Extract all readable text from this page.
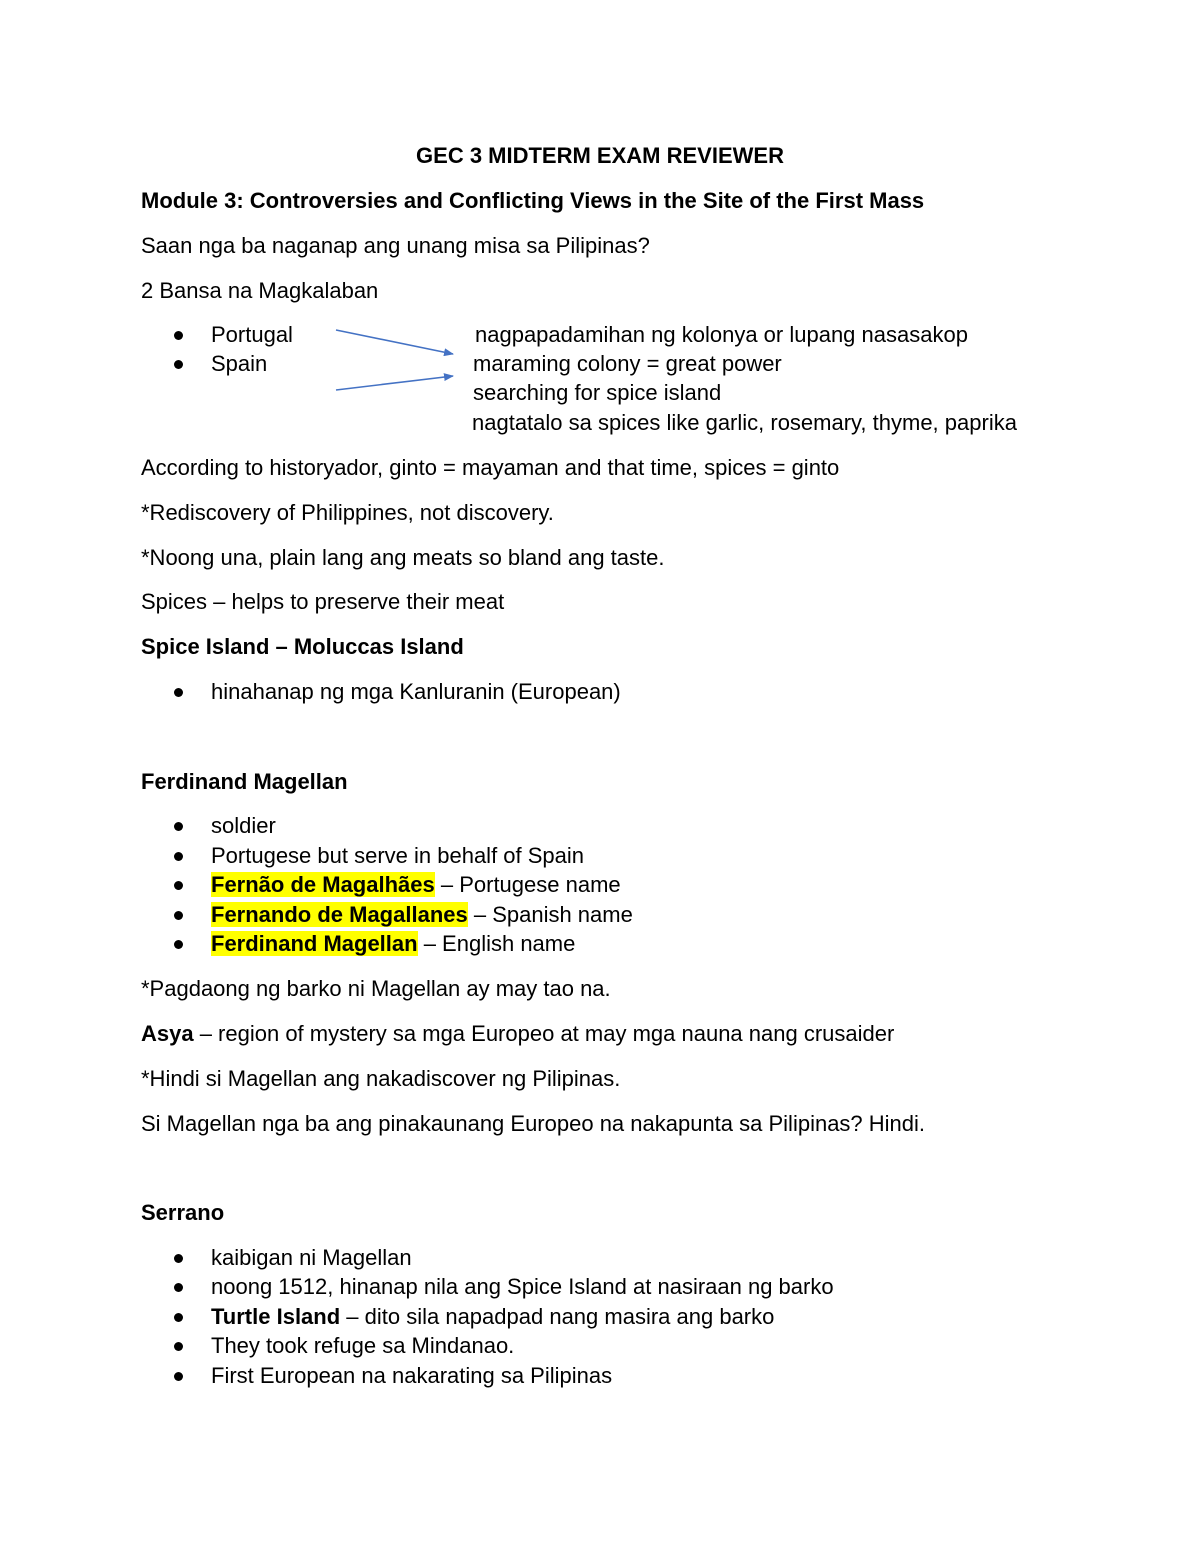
GEC 3 MIDTERM EXAM REVIEWER
Module 3: Controversies and Conflicting Views in the Site of the First Mass
Saan nga ba naganap ang unang misa sa Pilipinas?
2 Bansa na Magkalaban
Portugal
Spain
nagpapadamihan ng kolonya or lupang nasasakop
maraming colony = great power
searching for spice island
nagtatalo sa spices like garlic, rosemary, thyme, paprika
According to historyador, ginto = mayaman and that time, spices = ginto
*Rediscovery of Philippines, not discovery.
*Noong una, plain lang ang meats so bland ang taste.
Spices – helps to preserve their meat
Spice Island – Moluccas Island
hinahanap ng mga Kanluranin (European)
Ferdinand Magellan
soldier
Portugese but serve in behalf of Spain
Fernão de Magalhães – Portugese name
Fernando de Magallanes – Spanish name
Ferdinand Magellan – English name
*Pagdaong ng barko ni Magellan ay may tao na.
Asya – region of mystery sa mga Europeo at may mga nauna nang crusaider
*Hindi si Magellan ang nakadiscover ng Pilipinas.
Si Magellan nga ba ang pinakaunang Europeo na nakapunta sa Pilipinas? Hindi.
Serrano
kaibigan ni Magellan
noong 1512, hinanap nila ang Spice Island at nasiraan ng barko
Turtle Island – dito sila napadpad nang masira ang barko
They took refuge sa Mindanao.
First European na nakarating sa Pilipinas
